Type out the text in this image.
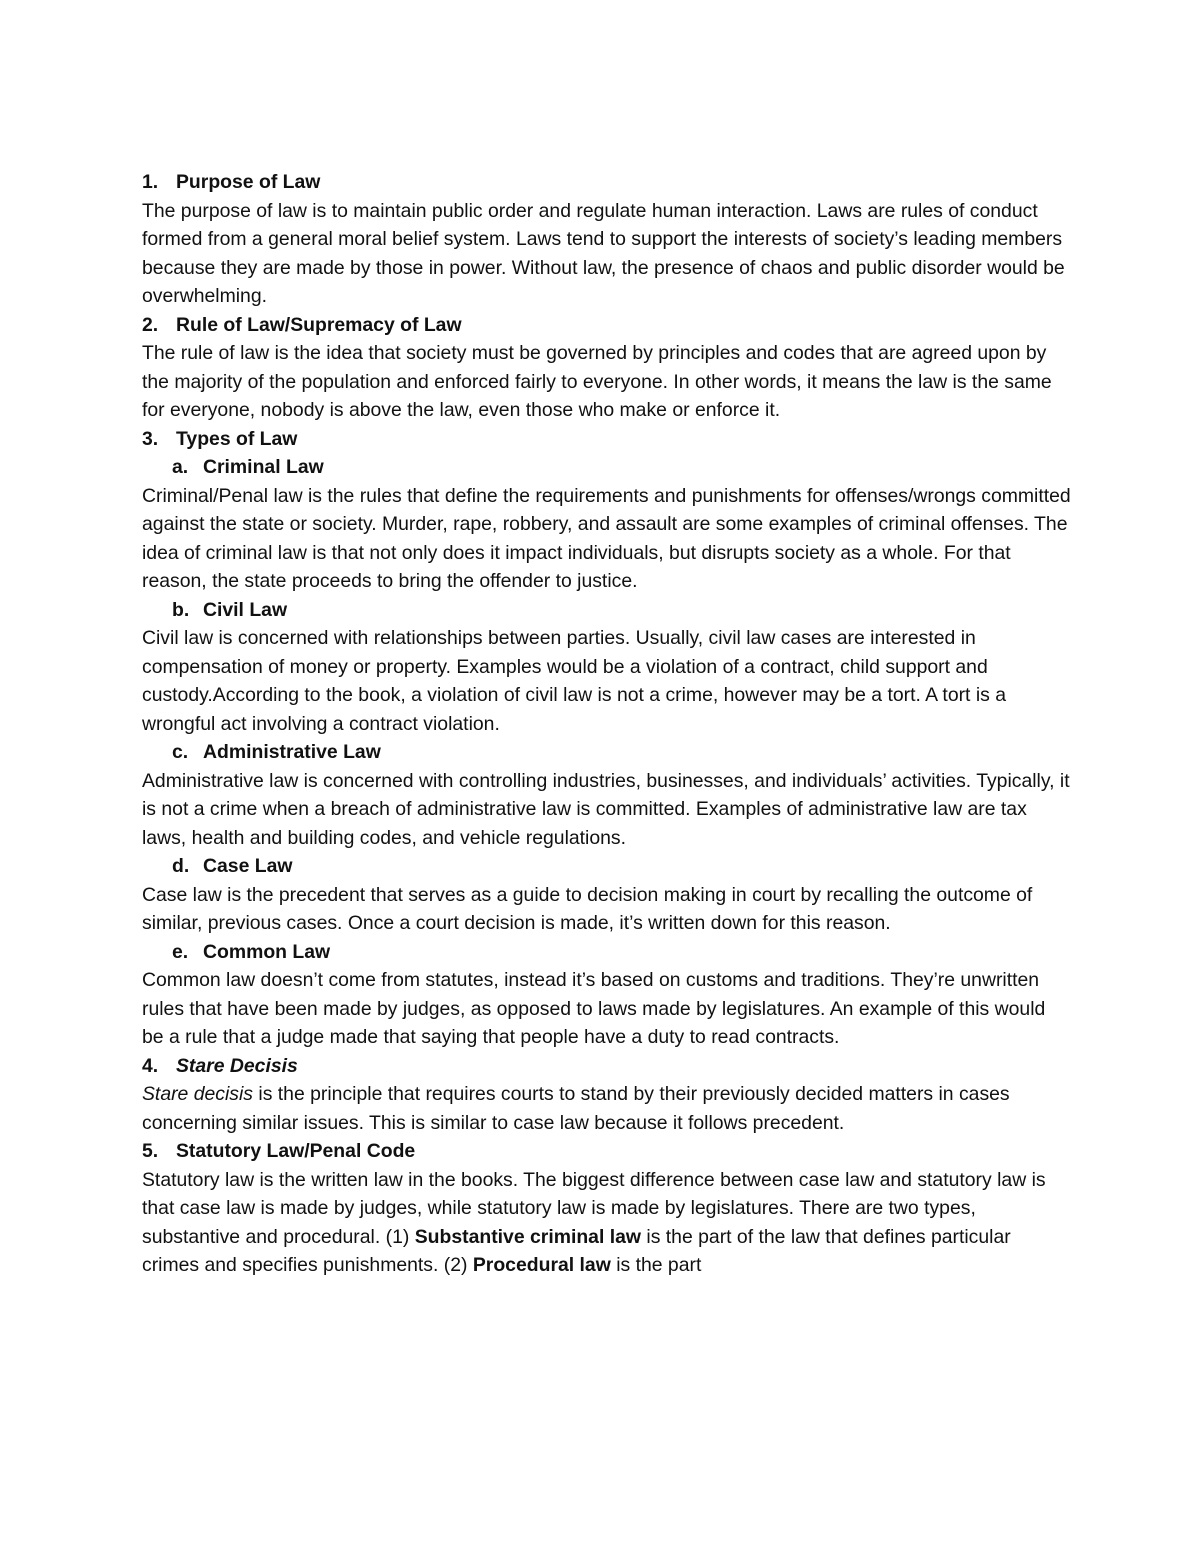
1. Purpose of Law

The purpose of law is to maintain public order and regulate human interaction. Laws are rules of conduct formed from a general moral belief system. Laws tend to support the interests of society’s leading members because they are made by those in power. Without law, the presence of chaos and public disorder would be overwhelming.

2. Rule of Law/Supremacy of Law

The rule of law is the idea that society must be governed by principles and codes that are agreed upon by the majority of the population and enforced fairly to everyone. In other words, it means the law is the same for everyone, nobody is above the law, even those who make or enforce it.

3. Types of Law
a. Criminal Law

Criminal/Penal law is the rules that define the requirements and punishments for offenses/wrongs committed against the state or society. Murder, rape, robbery, and assault are some examples of criminal offenses. The idea of criminal law is that not only does it impact individuals, but disrupts society as a whole. For that reason, the state proceeds to bring the offender to justice.

b. Civil Law

Civil law is concerned with relationships between parties. Usually, civil law cases are interested in compensation of money or property. Examples would be a violation of a contract, child support and custody.According to the book, a violation of civil law is not a crime, however may be a tort. A tort is a wrongful act involving a contract violation.

c. Administrative Law

Administrative law is concerned with controlling industries, businesses, and individuals’ activities. Typically, it is not a crime when a breach of administrative law is committed. Examples of administrative law are tax laws, health and building codes, and vehicle regulations.

d. Case Law

Case law is the precedent that serves as a guide to decision making in court by recalling the outcome of similar, previous cases. Once a court decision is made, it’s written down for this reason.

e. Common Law

Common law doesn’t come from statutes, instead it’s based on customs and traditions. They’re unwritten rules that have been made by judges, as opposed to laws made by legislatures. An example of this would be a rule that a judge made that saying that people have a duty to read contracts.

4. Stare Decisis

Stare decisis is the principle that requires courts to stand by their previously decided matters in cases concerning similar issues. This is similar to case law because it follows precedent.

5. Statutory Law/Penal Code

Statutory law is the written law in the books. The biggest difference between case law and statutory law is that case law is made by judges, while statutory law is made by legislatures. There are two types, substantive and procedural. (1) Substantive criminal law is the part of the law that defines particular crimes and specifies punishments. (2) Procedural law is the part
